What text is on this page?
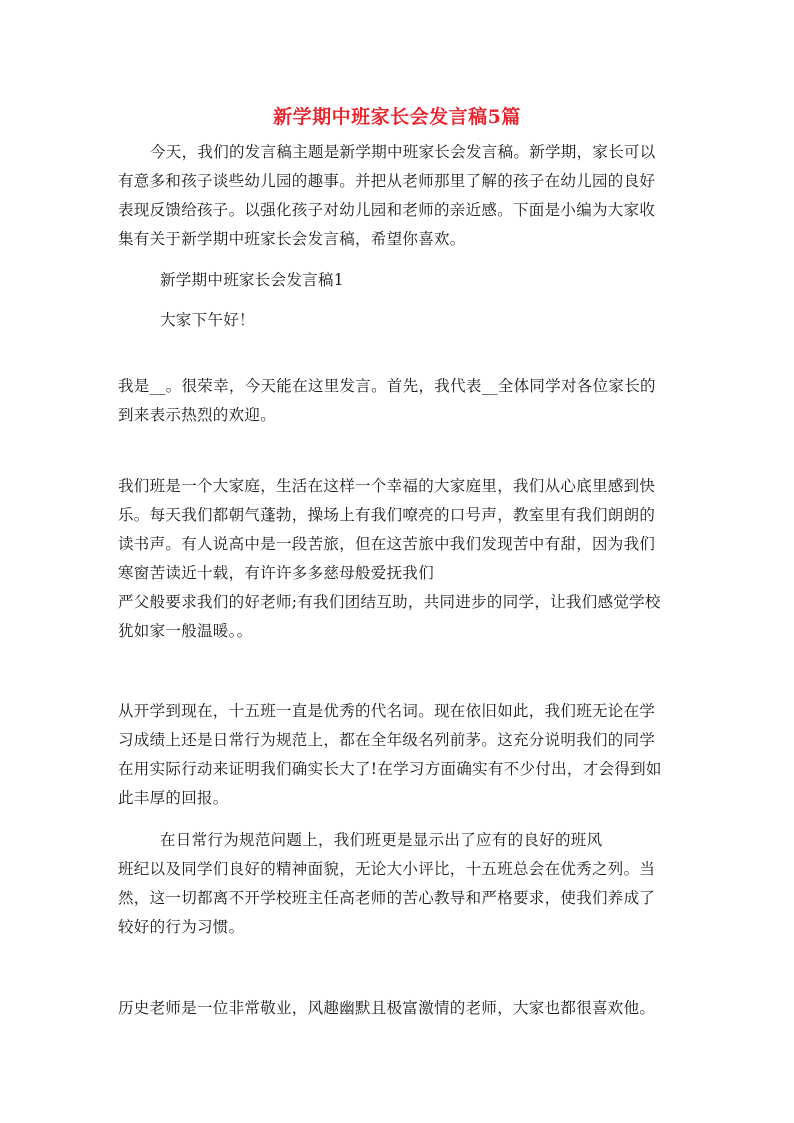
新学期中班家长会发言稿5篇
今天，我们的发言稿主题是新学期中班家长会发言稿。新学期，家长可以
有意多和孩子谈些幼儿园的趣事。并把从老师那里了解的孩子在幼儿园的良好
表现反馈给孩子。以强化孩子对幼儿园和老师的亲近感。下面是小编为大家收
集有关于新学期中班家长会发言稿，希望你喜欢。
新学期中班家长会发言稿1
大家下午好！
我是__。很荣幸，今天能在这里发言。首先，我代表__全体同学对各位家长的
到来表示热烈的欢迎。
我们班是一个大家庭，生活在这样一个幸福的大家庭里，我们从心底里感到快
乐。每天我们都朝气蓬勃，操场上有我们嘹亮的口号声，教室里有我们朗朗的
读书声。有人说高中是一段苦旅，但在这苦旅中我们发现苦中有甜，因为我们
寒窗苦读近十载，有许许多多慈母般爱抚我们
严父般要求我们的好老师;有我们团结互助，共同进步的同学，让我们感觉学校
犹如家一般温暖。。
从开学到现在，十五班一直是优秀的代名词。现在依旧如此，我们班无论在学
习成绩上还是日常行为规范上，都在全年级名列前茅。这充分说明我们的同学
在用实际行动来证明我们确实长大了!在学习方面确实有不少付出，才会得到如
此丰厚的回报。
在日常行为规范问题上，我们班更是显示出了应有的良好的班风
班纪以及同学们良好的精神面貌，无论大小评比，十五班总会在优秀之列。当
然，这一切都离不开学校班主任高老师的苦心教导和严格要求，使我们养成了
较好的行为习惯。
历史老师是一位非常敬业，风趣幽默且极富激情的老师，大家也都很喜欢他。
